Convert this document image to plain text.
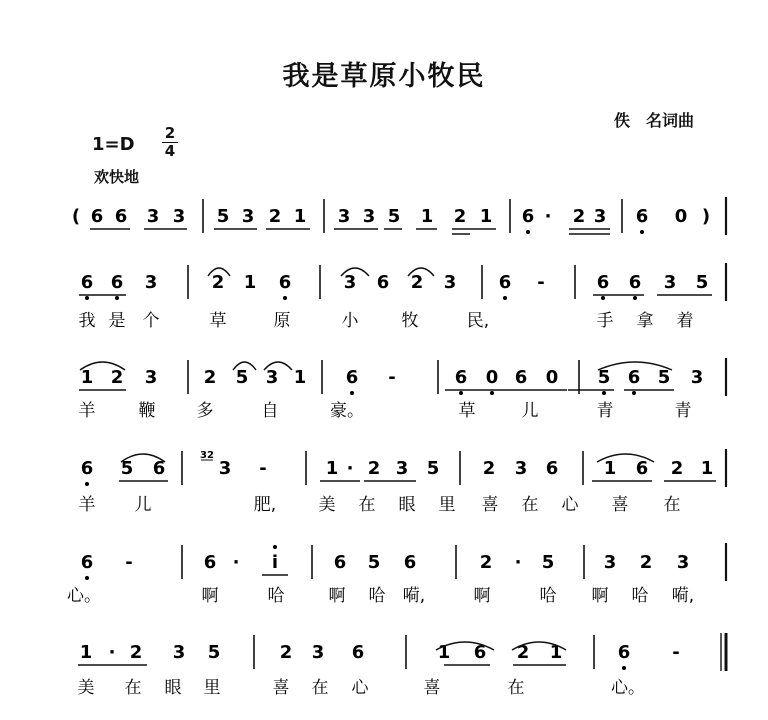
我是草原小牧民
佚　名词曲
1=D
2
4
欢快地
( 6 6 3 3 5 3 2 1 3 3 5 1 2 1 6 · 2 3 6 0 )
6 6 3	2 1 6	3 6 2 3 6 -	6 6 3 5
我 是 个	草	原	小	牧	民,	手 拿 着
1 2 3	2 5 3 1 6 -	6 0 6 0 5 6 5 3
羊	鞭 多	自	豪。	草	儿	青	青
6 5 6
32
3 -	1 · 2 3 5 2 3 6	1 6 2 1
羊 儿	肥, 美 在 眼 里 喜 在 心 喜 在
6 -	6 · i	6 5 6	2 · 5	3 2 3
心。	啊	哈	啊 哈 嗬,	啊	哈 啊 哈 嗬,
1 · 2 3 5	2 3 6	1 6 2 1	6 -
美 在 眼 里	喜 在 心	喜	在	心。
